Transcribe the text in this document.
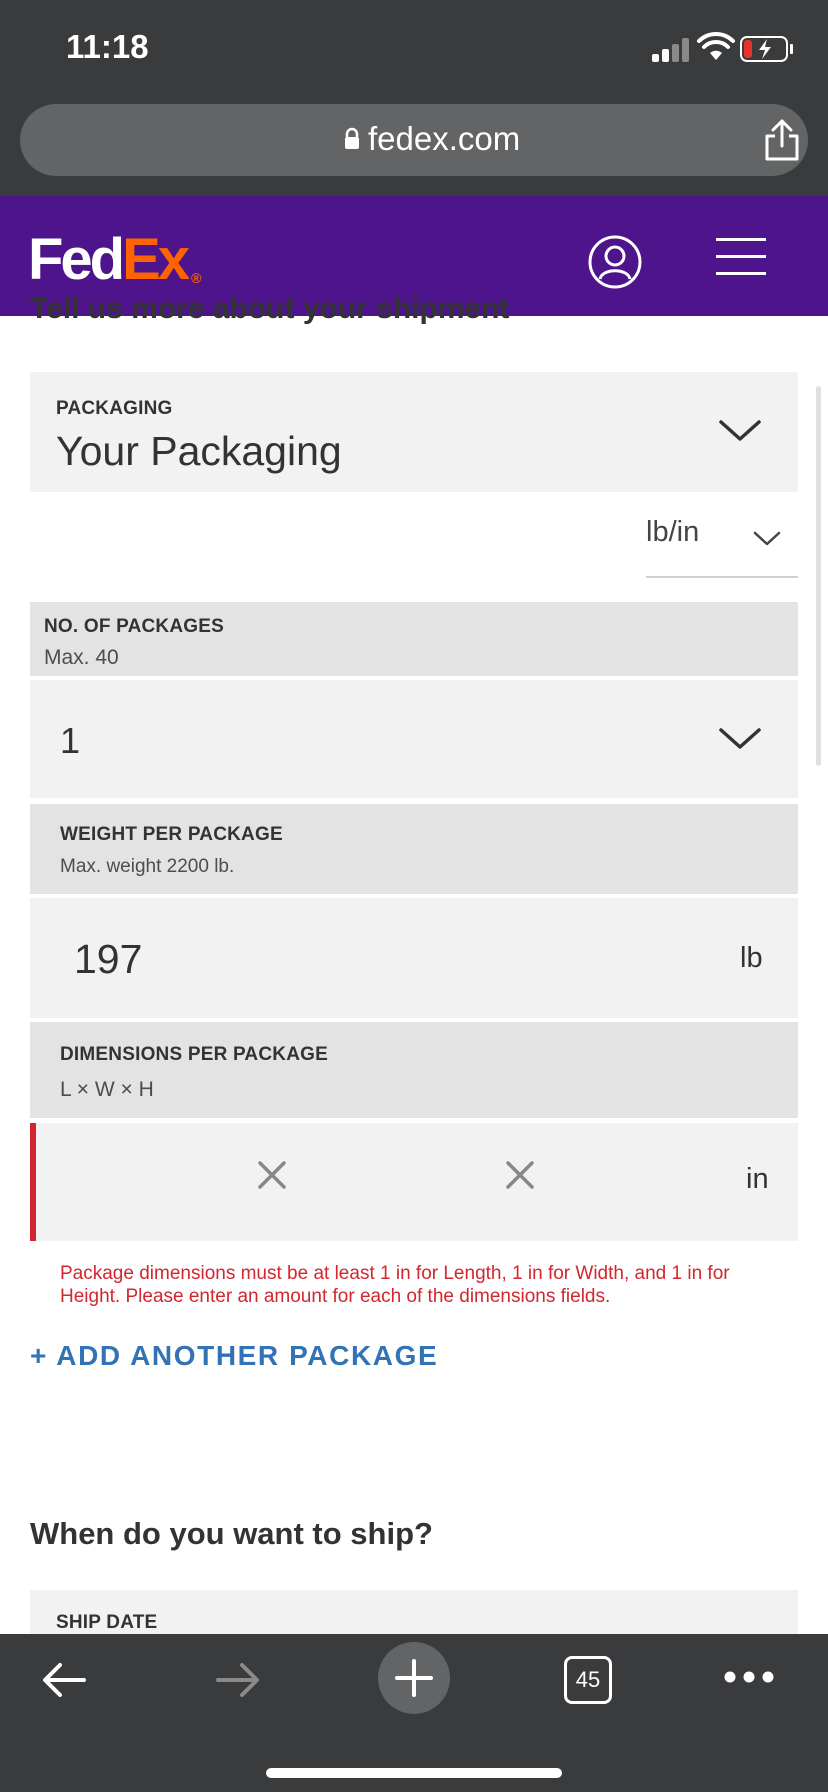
11:18
fedex.com
FedEx ®
Tell us more about your shipment
PACKAGING
Your Packaging
lb/in
NO. OF PACKAGES
Max. 40
1
WEIGHT PER PACKAGE
Max. weight 2200 lb.
197	lb
DIMENSIONS PER PACKAGE
L × W × H
in
Package dimensions must be at least 1 in for Length, 1 in for Width, and 1 in for Height. Please enter an amount for each of the dimensions fields.
+ ADD ANOTHER PACKAGE
When do you want to ship?
SHIP DATE
45
